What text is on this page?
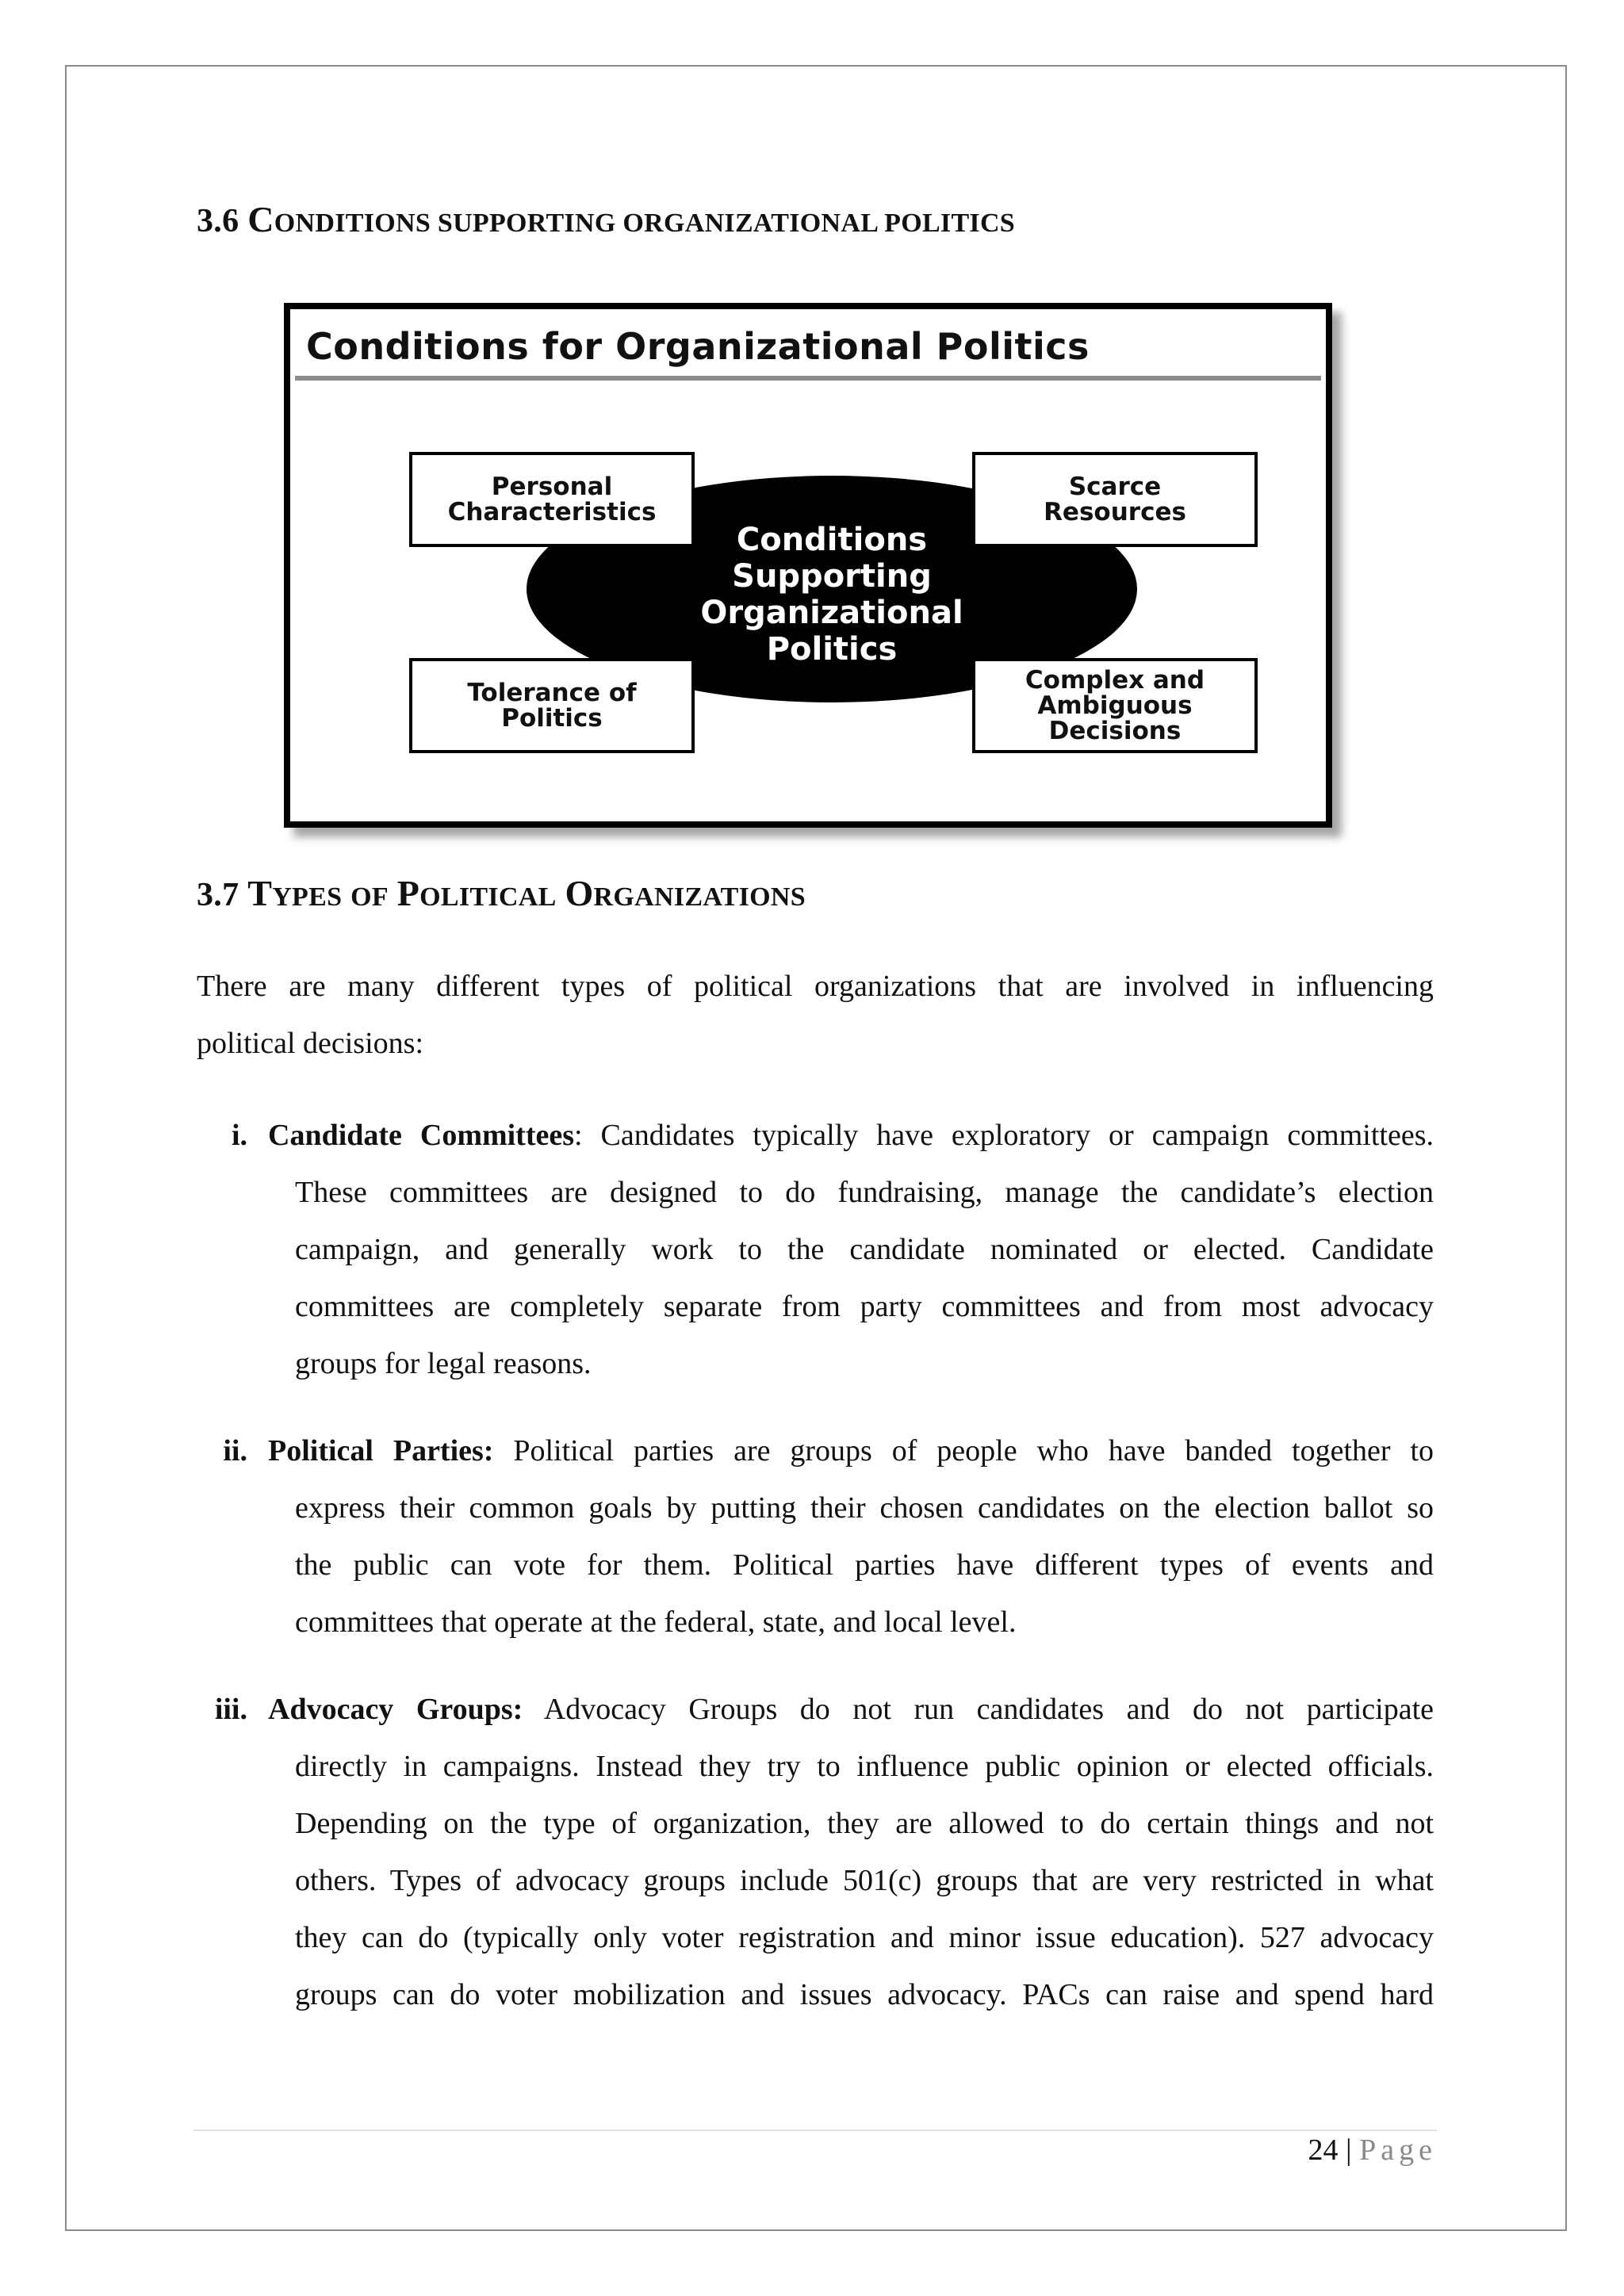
3.6 CONDITIONS SUPPORTING ORGANIZATIONAL POLITICS
Conditions for Organizational Politics
Conditions
Supporting
Organizational
Politics
Personal
Characteristics
Scarce
Resources
Tolerance of
Politics
Complex and
Ambiguous
Decisions
3.7 TYPES OF POLITICAL ORGANIZATIONS
There are many different types of political organizations that are involved in influencing
political decisions:
i. Candidate Committees: Candidates typically have exploratory or campaign committees.
These committees are designed to do fundraising, manage the candidate’s election
campaign, and generally work to the candidate nominated or elected. Candidate
committees are completely separate from party committees and from most advocacy
groups for legal reasons.
ii. Political Parties: Political parties are groups of people who have banded together to
express their common goals by putting their chosen candidates on the election ballot so
the public can vote for them. Political parties have different types of events and
committees that operate at the federal, state, and local level.
iii. Advocacy Groups: Advocacy Groups do not run candidates and do not participate
directly in campaigns. Instead they try to influence public opinion or elected officials.
Depending on the type of organization, they are allowed to do certain things and not
others. Types of advocacy groups include 501(c) groups that are very restricted in what
they can do (typically only voter registration and minor issue education). 527 advocacy
groups can do voter mobilization and issues advocacy. PACs can raise and spend hard
24 | Page
